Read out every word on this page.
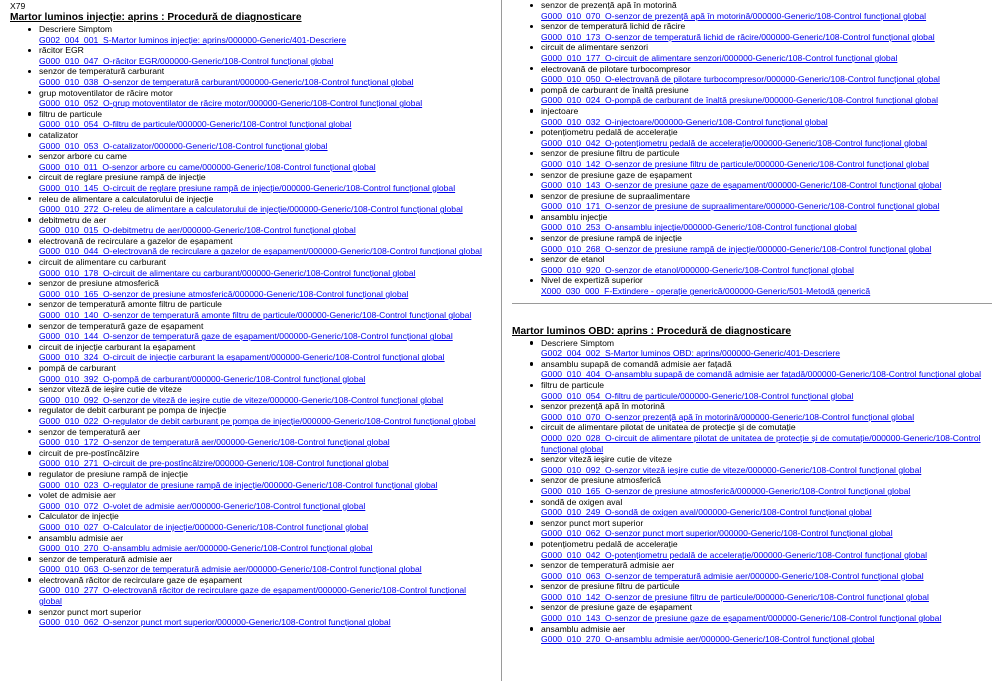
X79
Martor luminos injecție: aprins : Procedură de diagnosticare
Descriere Simptom
G002_004_001_S-Martor luminos injecție: aprins/000000-Generic/401-Descriere
răcitor EGR
G000_010_047_O-răcitor EGR/000000-Generic/108-Control funcțional global
senzor de temperatură carburant
G000_010_038_O-senzor de temperatură carburant/000000-Generic/108-Control funcțional global
grup motoventilator de răcire motor
G000_010_052_O-grup motoventilator de răcire motor/000000-Generic/108-Control funcțional global
filtru de particule
G000_010_054_O-filtru de particule/000000-Generic/108-Control funcțional global
catalizator
G000_010_053_O-catalizator/000000-Generic/108-Control funcțional global
senzor arbore cu came
G000_010_011_O-senzor arbore cu came/000000-Generic/108-Control funcțional global
circuit de reglare presiune rampă de injecție
G000_010_145_O-circuit de reglare presiune rampă de injecție/000000-Generic/108-Control funcțional global
releu de alimentare a calculatorului de injecție
G000_010_272_O-releu de alimentare a calculatorului de injecție/000000-Generic/108-Control funcțional global
debitmetru de aer
G000_010_015_O-debitmetru de aer/000000-Generic/108-Control funcțional global
electrovană de recirculare a gazelor de eșapament
G000_010_044_O-electrovană de recirculare a gazelor de eșapament/000000-Generic/108-Control funcțional global
circuit de alimentare cu carburant
G000_010_178_O-circuit de alimentare cu carburant/000000-Generic/108-Control funcțional global
senzor de presiune atmosferică
G000_010_165_O-senzor de presiune atmosferică/000000-Generic/108-Control funcțional global
senzor de temperatură amonte filtru de particule
G000_010_140_O-senzor de temperatură amonte filtru de particule/000000-Generic/108-Control funcțional global
senzor de temperatură gaze de eșapament
G000_010_144_O-senzor de temperatură gaze de eșapament/000000-Generic/108-Control funcțional global
circuit de injecție carburant la eșapament
G000_010_324_O-circuit de injecție carburant la eșapament/000000-Generic/108-Control funcțional global
pompă de carburant
G000_010_392_O-pompă de carburant/000000-Generic/108-Control funcțional global
senzor viteză de ieșire cutie de viteze
G000_010_092_O-senzor de viteză de ieșire cutie de viteze/000000-Generic/108-Control funcțional global
regulator de debit carburant pe pompa de injecție
G000_010_022_O-regulator de debit carburant pe pompa de injecție/000000-Generic/108-Control funcțional global
senzor de temperatură aer
G000_010_172_O-senzor de temperatură aer/000000-Generic/108-Control funcțional global
circuit de pre-postîncălzire
G000_010_271_O-circuit de pre-postîncălzire/000000-Generic/108-Control funcțional global
regulator de presiune rampă de injecție
G000_010_023_O-regulator de presiune rampă de injecție/000000-Generic/108-Control funcțional global
volet de admisie aer
G000_010_072_O-volet de admisie aer/000000-Generic/108-Control funcțional global
Calculator de injecție
G000_010_027_O-Calculator de injecție/000000-Generic/108-Control funcțional global
ansamblu admisie aer
G000_010_270_O-ansamblu admisie aer/000000-Generic/108-Control funcțional global
senzor de temperatură admisie aer
G000_010_063_O-senzor de temperatură admisie aer/000000-Generic/108-Control funcțional global
electrovană răcitor de recirculare gaze de eșapament
G000_010_277_O-electrovană răcitor de recirculare gaze de eșapament/000000-Generic/108-Control funcțional global
senzor punct mort superior
G000_010_062_O-senzor punct mort superior/000000-Generic/108-Control funcțional global
senzor de prezență apă în motorină
G000_010_070_O-senzor de prezență apă în motorină/000000-Generic/108-Control funcțional global
senzor de temperatură lichid de răcire
G000_010_173_O-senzor de temperatură lichid de răcire/000000-Generic/108-Control funcțional global
circuit de alimentare senzori
G000_010_177_O-circuit de alimentare senzori/000000-Generic/108-Control funcțional global
electrovană de pilotare turbocompresor
G000_010_050_O-electrovană de pilotare turbocompresor/000000-Generic/108-Control funcțional global
pompă de carburant de înaltă presiune
G000_010_024_O-pompă de carburant de înaltă presiune/000000-Generic/108-Control funcțional global
injectoare
G000_010_032_O-injectoare/000000-Generic/108-Control funcțional global
potențiometru pedală de accelerație
G000_010_042_O-potențiometru pedală de accelerație/000000-Generic/108-Control funcțional global
senzor de presiune filtru de particule
G000_010_142_O-senzor de presiune filtru de particule/000000-Generic/108-Control funcțional global
senzor de presiune gaze de eșapament
G000_010_143_O-senzor de presiune gaze de eșapament/000000-Generic/108-Control funcțional global
senzor de presiune de supraalimentare
G000_010_171_O-senzor de presiune de supraalimentare/000000-Generic/108-Control funcțional global
ansamblu injecție
G000_010_253_O-ansamblu injecție/000000-Generic/108-Control funcțional global
senzor de presiune rampă de injecție
G000_010_268_O-senzor de presiune rampă de injecție/000000-Generic/108-Control funcțional global
senzor de etanol
G000_010_920_O-senzor de etanol/000000-Generic/108-Control funcțional global
Nivel de expertiză superior
X000_030_000_F-Extindere - operație generică/000000-Generic/501-Metodă generică
Martor luminos OBD: aprins : Procedură de diagnosticare
Descriere Simptom
G002_004_002_S-Martor luminos OBD: aprins/000000-Generic/401-Descriere
ansamblu supapă de comandă admisie aer fațadă
G000_010_404_O-ansamblu supapă de comandă admisie aer fațadă/000000-Generic/108-Control funcțional global
filtru de particule
G000_010_054_O-filtru de particule/000000-Generic/108-Control funcțional global
senzor prezență apă în motorină
G000_010_070_O-senzor prezență apă în motorină/000000-Generic/108-Control funcțional global
circuit de alimentare pilotat de unitatea de protecție și de comutație
O000_020_028_O-circuit de alimentare pilotat de unitatea de protecție și de comutație/000000-Generic/108-Control funcțional global
senzor viteză ieșire cutie de viteze
G000_010_092_O-senzor viteză ieșire cutie de viteze/000000-Generic/108-Control funcțional global
senzor de presiune atmosferică
G000_010_165_O-senzor de presiune atmosferică/000000-Generic/108-Control funcțional global
sondă de oxigen aval
G000_010_249_O-sondă de oxigen aval/000000-Generic/108-Control funcțional global
senzor punct mort superior
G000_010_062_O-senzor punct mort superior/000000-Generic/108-Control funcțional global
potențiometru pedală de accelerație
G000_010_042_O-potențiometru pedală de accelerație/000000-Generic/108-Control funcțional global
senzor de temperatură admisie aer
G000_010_063_O-senzor de temperatură admisie aer/000000-Generic/108-Control funcțional global
senzor de presiune filtru de particule
G000_010_142_O-senzor de presiune filtru de particule/000000-Generic/108-Control funcțional global
senzor de presiune gaze de eșapament
G000_010_143_O-senzor de presiune gaze de eșapament/000000-Generic/108-Control funcțional global
ansamblu admisie aer
G000_010_270_O-ansamblu admisie aer/000000-Generic/108-Control funcțional global
